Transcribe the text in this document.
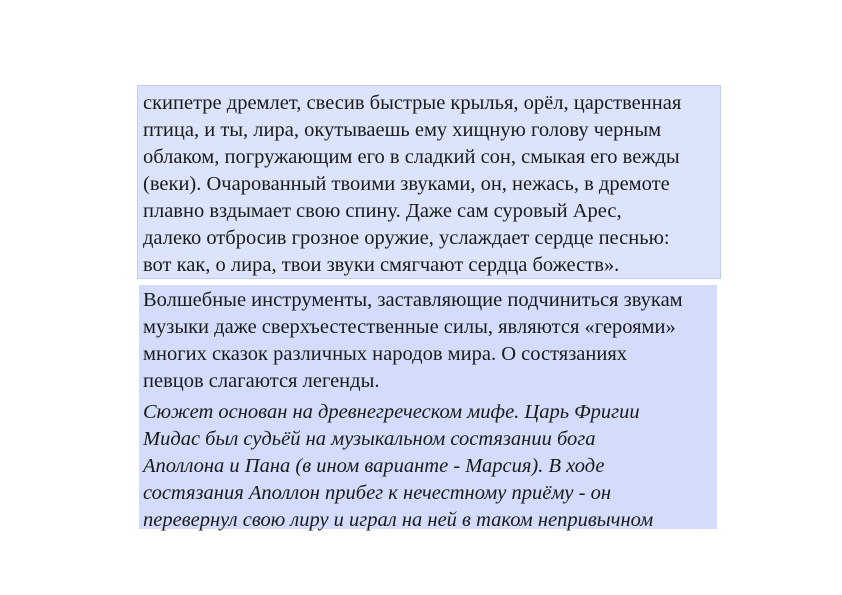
скипетре дремлет, свесив быстрые крылья, орёл, царственная
птица, и ты, лира, окутываешь ему хищную голову черным
облаком, погружающим его в сладкий сон, смыкая его вежды
(веки). Очарованный твоими звуками, он, нежась, в дремоте
плавно вздымает свою спину. Даже сам суровый Арес,
далеко отбросив грозное оружие, услаждает сердце песнью:
вот как, о лира, твои звуки смягчают сердца божеств».
Волшебные инструменты, заставляющие подчиниться звукам
музыки даже сверхъестественные силы, являются «героями»
многих сказок различных народов мира. О состязаниях
певцов слагаются легенды.
Сюжет основан на древнегреческом мифе. Царь Фригии
Мидас был судьёй на музыкальном состязании бога
Аполлона и Пана (в ином варианте - Марсия). В ходе
состязания Аполлон прибег к нечестному приёму - он
перевернул свою лиру и играл на ней в таком непривычном
